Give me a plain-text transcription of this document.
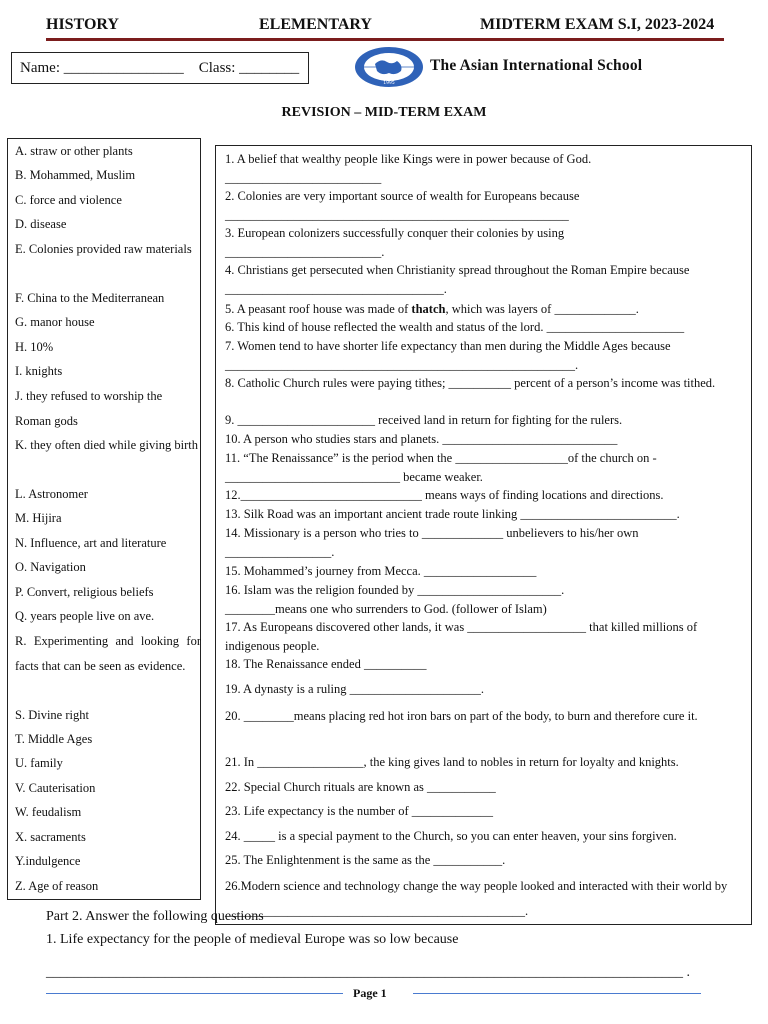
HISTORY	ELEMENTARY	MIDTERM EXAM S.I, 2023-2024
Name: ________________ Class: ________
1995
The Asian International School
REVISION – MID-TERM EXAM
A. straw or other plants
B. Mohammed, Muslim
C. force and violence
D. disease
E. Colonies provided raw materials
F. China to the Mediterranean
G. manor house
H. 10%
I. knights
J. they refused to worship the Roman gods
K. they often died while giving birth
L. Astronomer
M. Hijira
N. Influence, art and literature
O. Navigation
P. Convert, religious beliefs
Q. years people live on ave.
R. Experimenting and looking for facts that can be seen as evidence.
S. Divine right
T. Middle Ages
U. family
V. Cauterisation
W. feudalism
X. sacraments
Y.indulgence
Z. Age of reason
1. A belief that wealthy people like Kings were in power because of God.
_________________________
2. Colonies are very important source of wealth for Europeans because
_______________________________________________________
3. European colonizers successfully conquer their colonies by using
_________________________.
4. Christians get persecuted when Christianity spread throughout the Roman Empire because
___________________________________.
5. A peasant roof house was made of thatch, which was layers of _____________.
6. This kind of house reflected the wealth and status of the lord. ______________________
7. Women tend to have shorter life expectancy than men during the Middle Ages because
________________________________________________________.
8. Catholic Church rules were paying tithes; __________ percent of a person’s income was tithed.
9. ______________________ received land in return for fighting for the rulers.
10. A person who studies stars and planets. ____________________________
11. “The Renaissance” is the period when the __________________of the church on -
____________________________ became weaker.
12._____________________________ means ways of finding locations and directions.
13. Silk Road was an important ancient trade route linking _________________________.
14. Missionary is a person who tries to _____________ unbelievers to his/her own
_________________.
15. Mohammed’s journey from Mecca. __________________
16. Islam was the religion founded by _______________________.
________means one who surrenders to God. (follower of Islam)
17. As Europeans discovered other lands, it was ___________________ that killed millions of indigenous people.
18. The Renaissance ended __________
19. A dynasty is a ruling _____________________.
20. ________means placing red hot iron bars on part of the body, to burn and therefore cure it.
21. In _________________, the king gives land to nobles in return for loyalty and knights.
22. Special Church rituals are known as ___________
23. Life expectancy is the number of _____________
24. _____ is a special payment to the Church, so you can enter heaven, your sins forgiven.
25. The Enlightenment is the same as the ___________.
26.Modern science and technology change the way people looked and interacted with their world by ________________________________________________.
Part 2. Answer the following questions
1. Life expectancy for the people of medieval Europe was so low because
___________________________________________________________________________________________ .
Page 1
